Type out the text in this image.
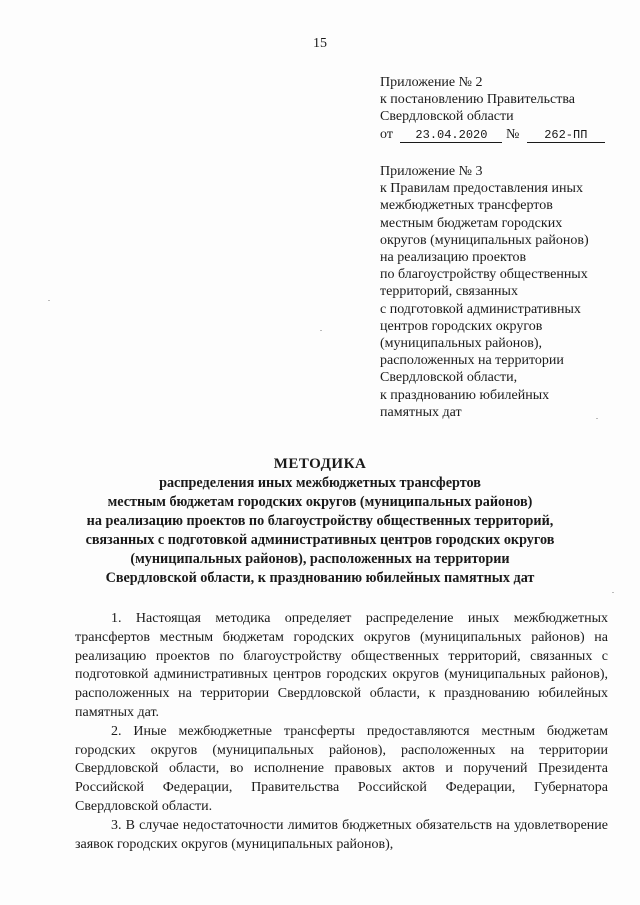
15
Приложение № 2
к постановлению Правительства
Свердловской области
от 23.04.2020 № 262-ПП
Приложение № 3
к Правилам предоставления иных
межбюджетных трансфертов
местным бюджетам городских
округов (муниципальных районов)
на реализацию проектов
по благоустройству общественных
территорий, связанных
с подготовкой административных
центров городских округов
(муниципальных районов),
расположенных на территории
Свердловской области,
к празднованию юбилейных
памятных дат
МЕТОДИКА
распределения иных межбюджетных трансфертов
местным бюджетам городских округов (муниципальных районов)
на реализацию проектов по благоустройству общественных территорий,
связанных с подготовкой административных центров городских округов
(муниципальных районов), расположенных на территории
Свердловской области, к празднованию юбилейных памятных дат

1. Настоящая методика определяет распределение иных межбюджетных трансфертов местным бюджетам городских округов (муниципальных районов) на реализацию проектов по благоустройству общественных территорий, связанных с подготовкой административных центров городских округов (муниципальных районов), расположенных на территории Свердловской области, к празднованию юбилейных памятных дат.

2. Иные межбюджетные трансферты предоставляются местным бюджетам городских округов (муниципальных районов), расположенных на территории Свердловской области, во исполнение правовых актов и поручений Президента Российской Федерации, Правительства Российской Федерации, Губернатора Свердловской области.

3. В случае недостаточности лимитов бюджетных обязательств на удовлетворение заявок городских округов (муниципальных районов),
